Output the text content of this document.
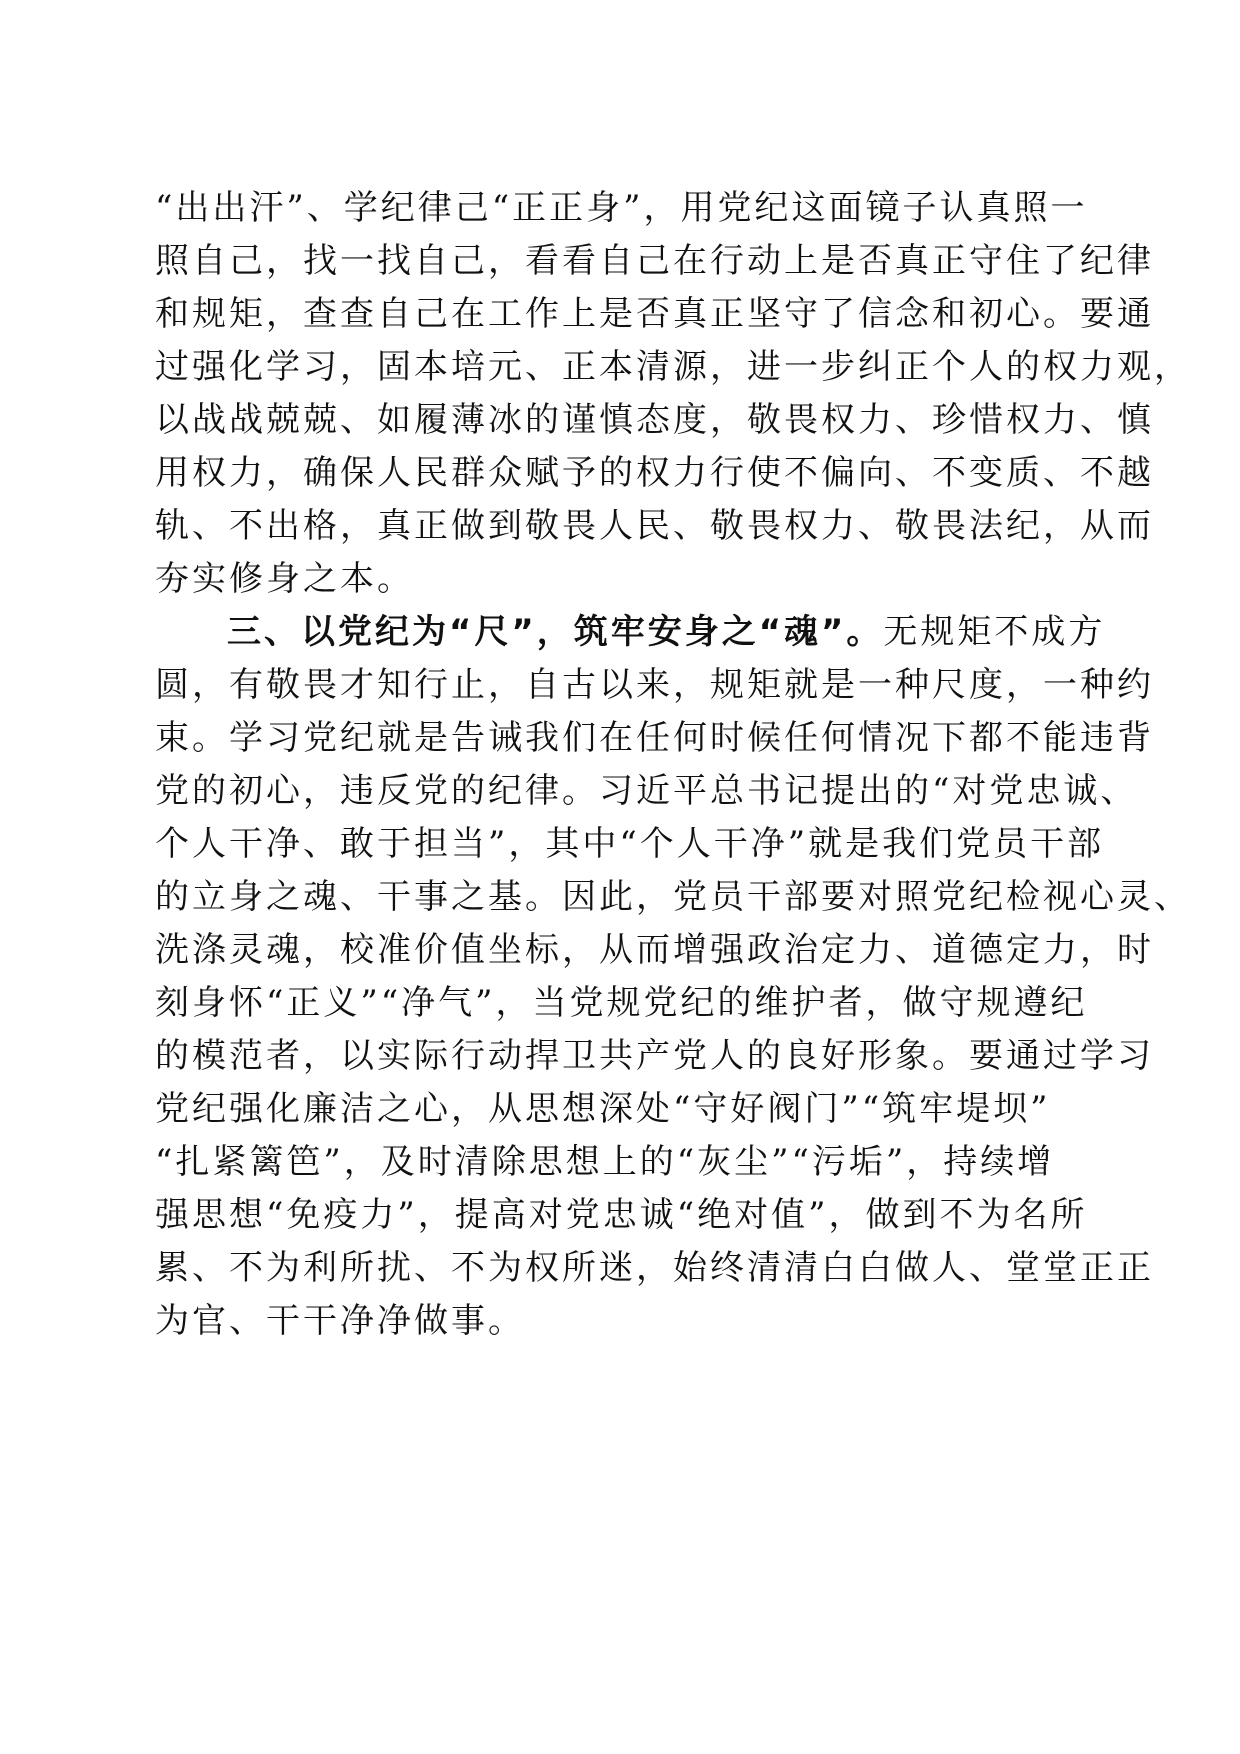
“出出汗”、学纪律己“正正身”，用党纪这面镜子认真照一
照自己，找一找自己，看看自己在行动上是否真正守住了纪律
和规矩，查查自己在工作上是否真正坚守了信念和初心。要通
过强化学习，固本培元、正本清源，进一步纠正个人的权力观，
以战战兢兢、如履薄冰的谨慎态度，敬畏权力、珍惜权力、慎
用权力，确保人民群众赋予的权力行使不偏向、不变质、不越
轨、不出格，真正做到敬畏人民、敬畏权力、敬畏法纪，从而
夯实修身之本。
三、以党纪为“尺”，筑牢安身之“魂”。无规矩不成方
圆，有敬畏才知行止，自古以来，规矩就是一种尺度，一种约
束。学习党纪就是告诫我们在任何时候任何情况下都不能违背
党的初心，违反党的纪律。习近平总书记提出的“对党忠诚、
个人干净、敢于担当”，其中“个人干净”就是我们党员干部
的立身之魂、干事之基。因此，党员干部要对照党纪检视心灵、
洗涤灵魂，校准价值坐标，从而增强政治定力、道德定力，时
刻身怀“正义”“净气”，当党规党纪的维护者，做守规遵纪
的模范者，以实际行动捍卫共产党人的良好形象。要通过学习
党纪强化廉洁之心，从思想深处“守好阀门”“筑牢堤坝”
“扎紧篱笆”，及时清除思想上的“灰尘”“污垢”，持续增
强思想“免疫力”，提高对党忠诚“绝对值”，做到不为名所
累、不为利所扰、不为权所迷，始终清清白白做人、堂堂正正
为官、干干净净做事。
